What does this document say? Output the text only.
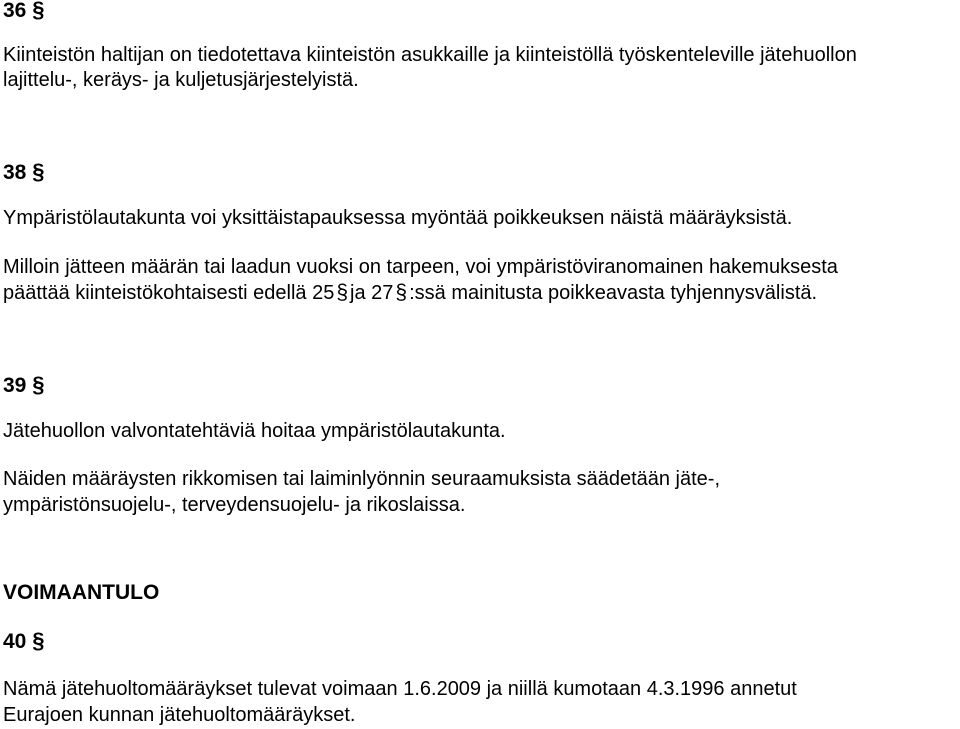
36 §
Kiinteistön haltijan on tiedotettava kiinteistön asukkaille ja kiinteistöllä työskenteleville jätehuollon
lajittelu-, keräys- ja kuljetusjärjestelyistä.
38 §
Ympäristölautakunta voi yksittäistapauksessa myöntää poikkeuksen näistä määräyksistä.
Milloin jätteen määrän tai laadun vuoksi on tarpeen, voi ympäristöviranomainen hakemuksesta
päättää kiinteistökohtaisesti edellä 25§ ja 27§ :ssä mainitusta poikkeavasta tyhjennysvälistä.
39 §
Jätehuollon valvontatehtäviä hoitaa ympäristölautakunta.
Näiden määräysten rikkomisen tai laiminlyönnin seuraamuksista säädetään jäte-,
ympäristönsuojelu-, terveydensuojelu- ja rikoslaissa.
VOIMAANTULO
40 §
Nämä jätehuoltomääräykset tulevat voimaan 1.6.2009 ja niillä kumotaan 4.3.1996 annetut
Eurajoen kunnan jätehuoltomääräykset.
